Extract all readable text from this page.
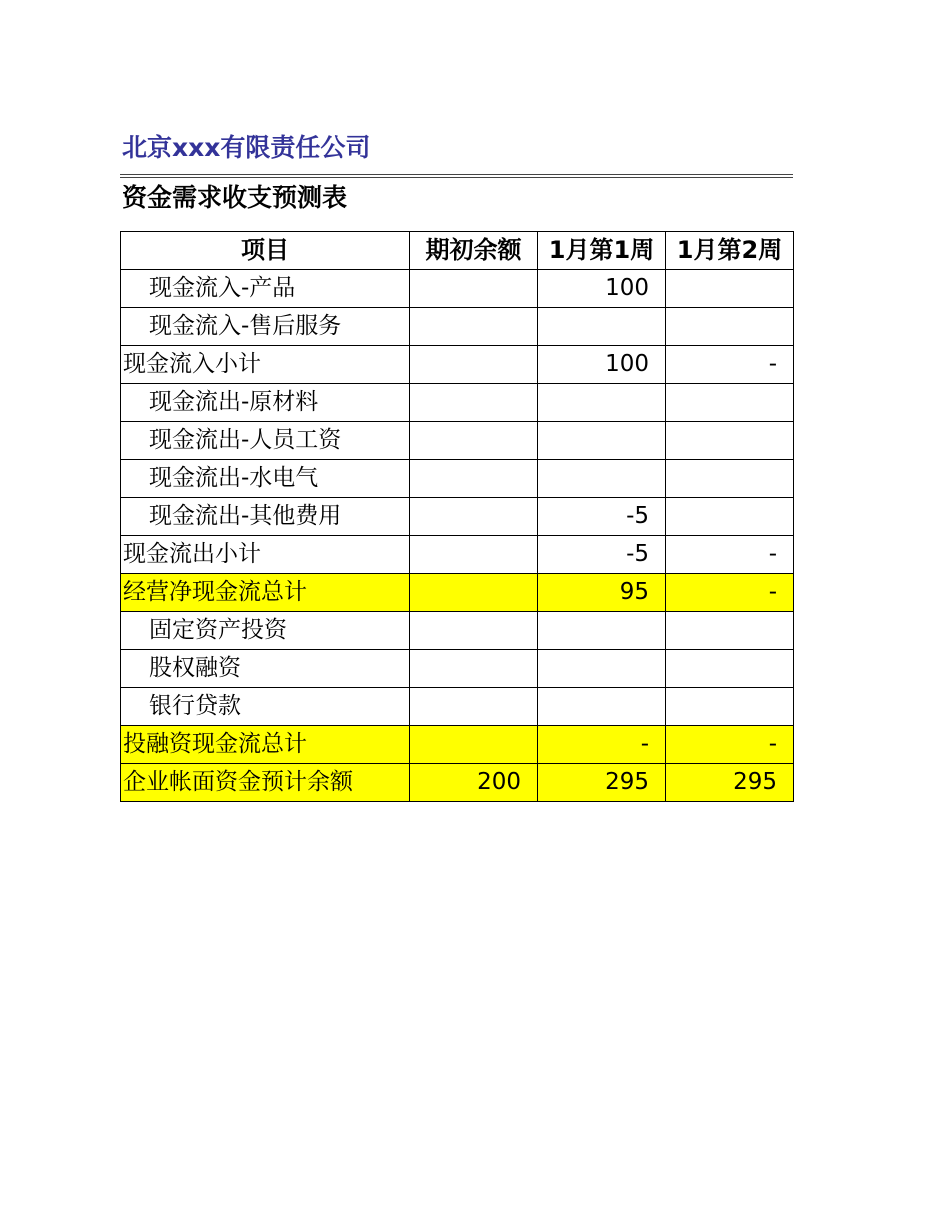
北京xxx有限责任公司
资金需求收支预测表
项目	期初余额	1月第1周	1月第2周
现金流入-产品		100	
现金流入-售后服务			
现金流入小计		100	-
现金流出-原材料			
现金流出-人员工资			
现金流出-水电气			
现金流出-其他费用		-5	
现金流出小计		-5	-
经营净现金流总计		95	-
固定资产投资			
股权融资			
银行贷款			
投融资现金流总计		-	-
企业帐面资金预计余额	200	295	295
